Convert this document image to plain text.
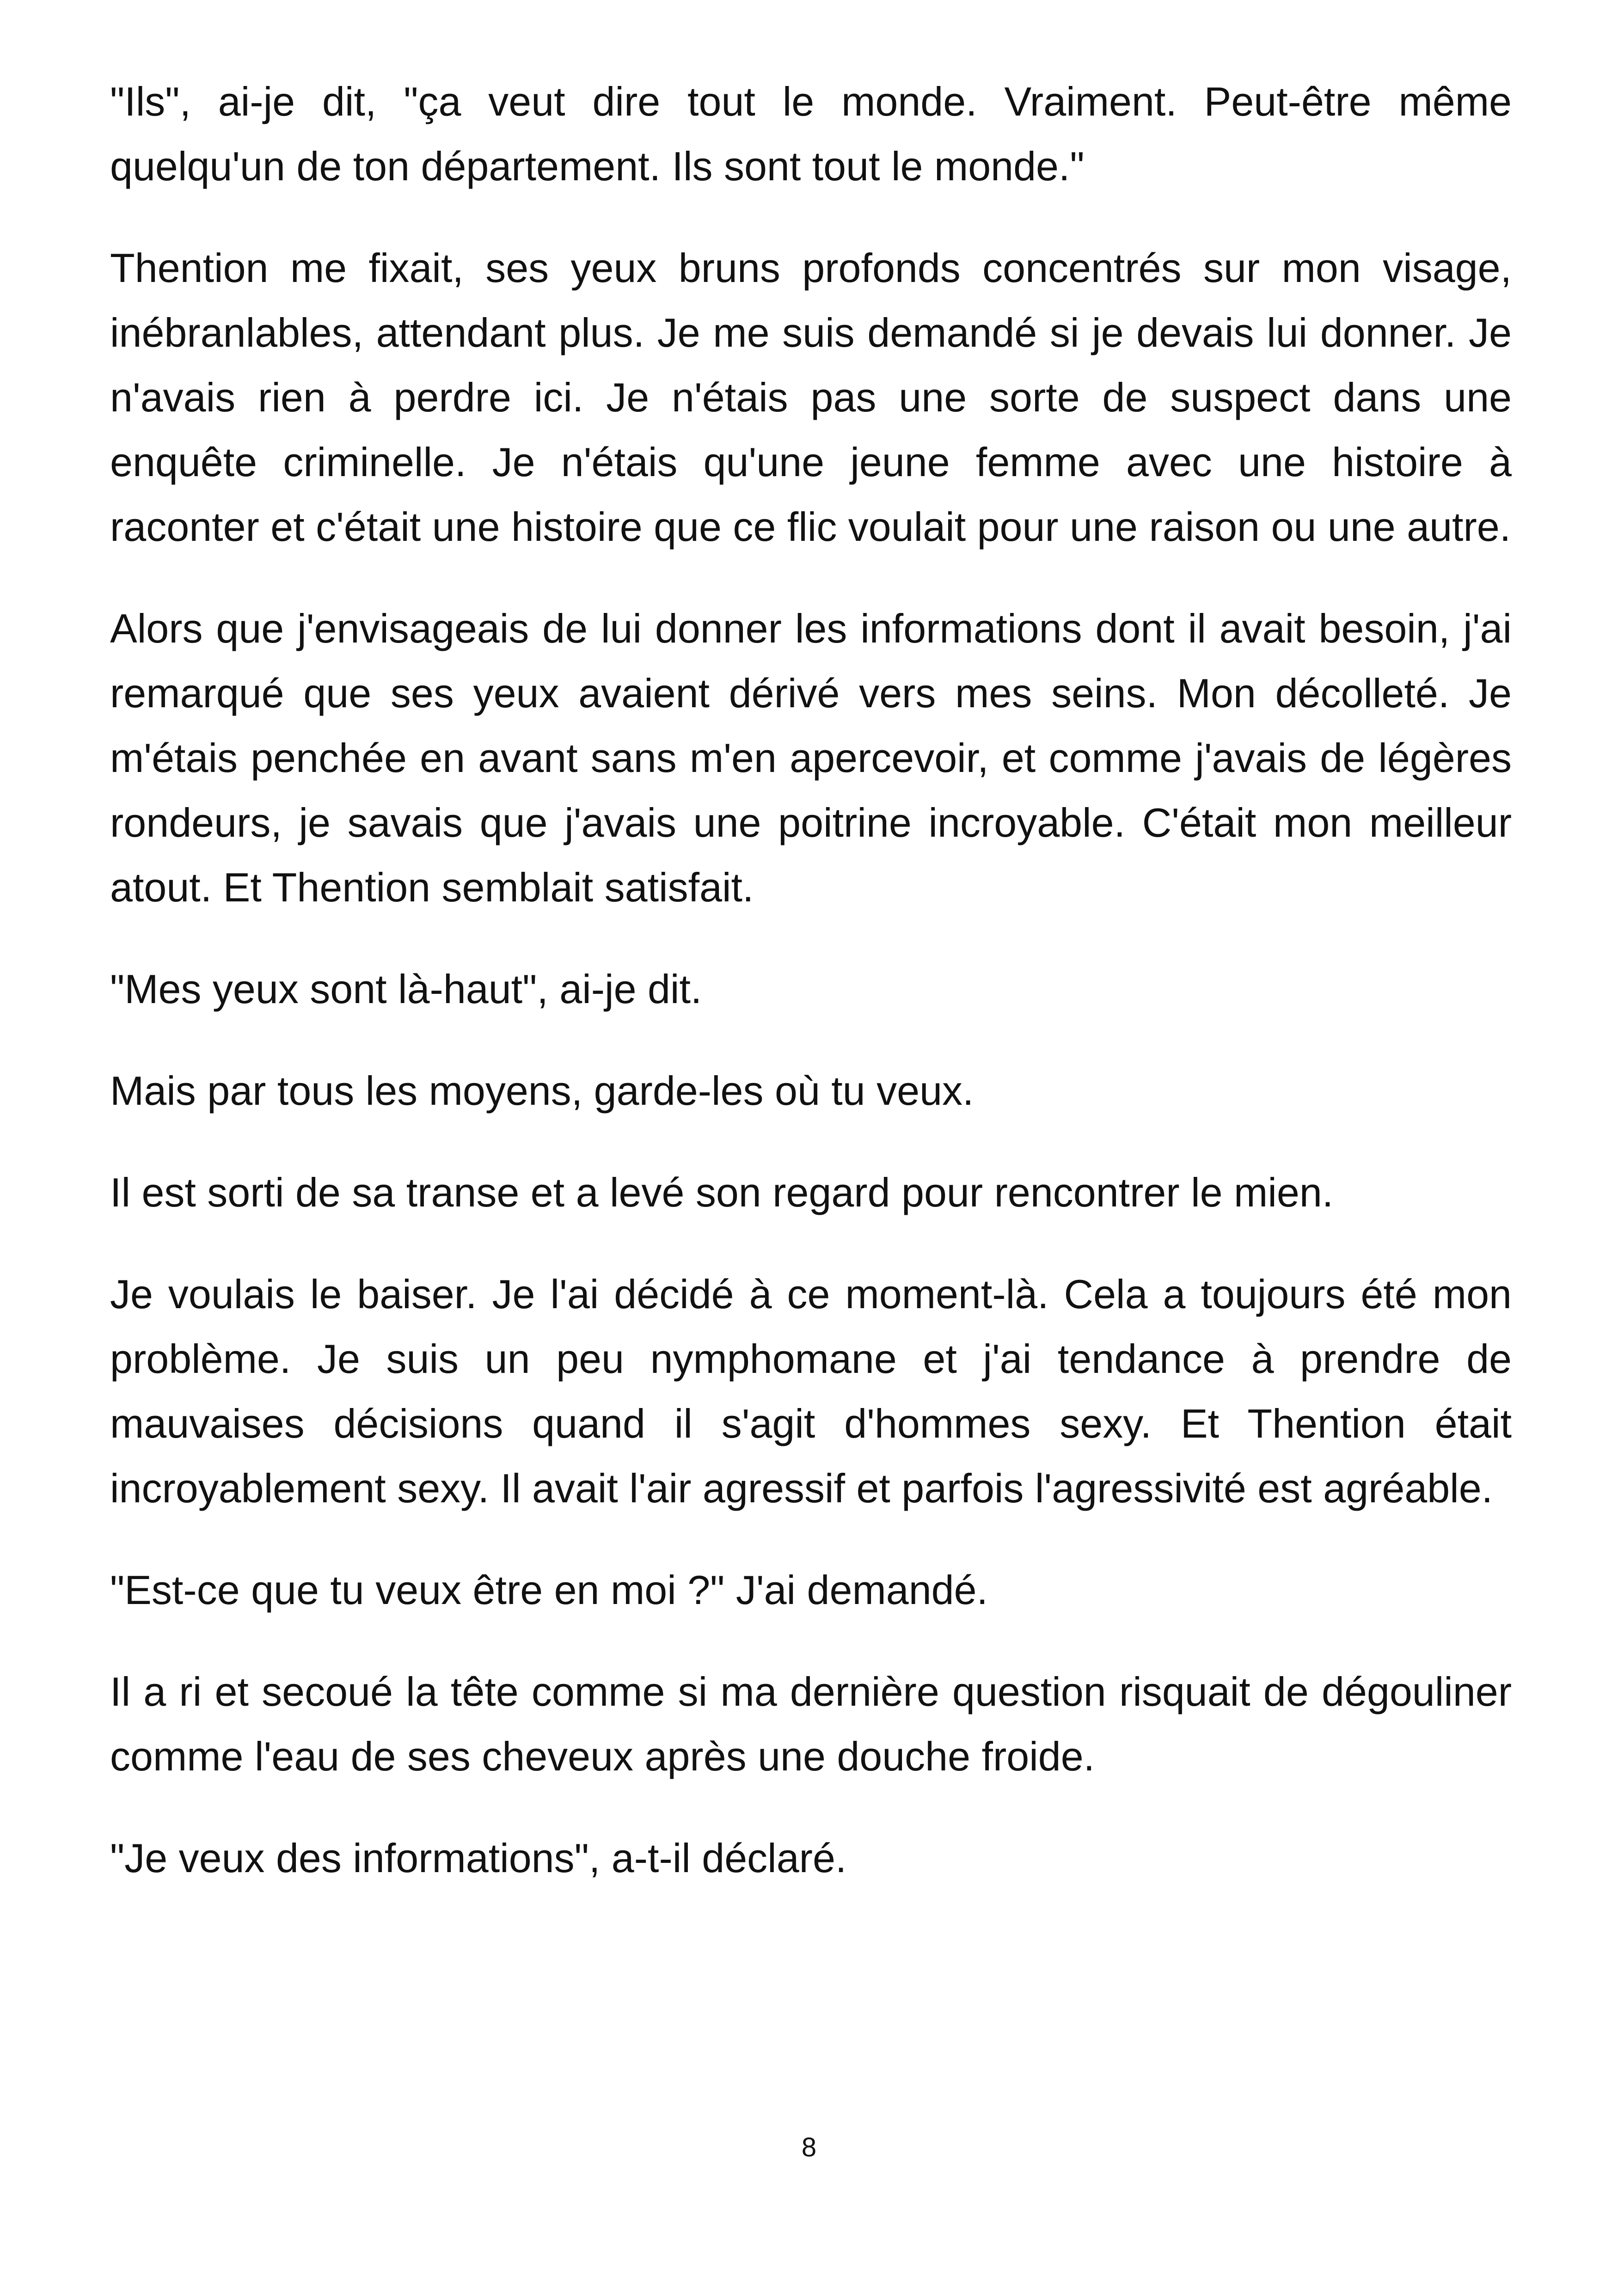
"Ils", ai-je dit, "ça veut dire tout le monde. Vraiment. Peut-être même quelqu'un de ton département. Ils sont tout le monde."

Thention me fixait, ses yeux bruns profonds concentrés sur mon visage, inébranlables, attendant plus. Je me suis demandé si je devais lui donner. Je n'avais rien à perdre ici. Je n'étais pas une sorte de suspect dans une enquête criminelle. Je n'étais qu'une jeune femme avec une histoire à raconter et c'était une histoire que ce flic voulait pour une raison ou une autre.

Alors que j'envisageais de lui donner les informations dont il avait besoin, j'ai remarqué que ses yeux avaient dérivé vers mes seins. Mon décolleté. Je m'étais penchée en avant sans m'en apercevoir, et comme j'avais de légères rondeurs, je savais que j'avais une poitrine incroyable. C'était mon meilleur atout. Et Thention semblait satisfait.

"Mes yeux sont là-haut", ai-je dit.

Mais par tous les moyens, garde-les où tu veux.

Il est sorti de sa transe et a levé son regard pour rencontrer le mien.

Je voulais le baiser. Je l'ai décidé à ce moment-là. Cela a toujours été mon problème. Je suis un peu nymphomane et j'ai tendance à prendre de mauvaises décisions quand il s'agit d'hommes sexy. Et Thention était incroyablement sexy. Il avait l'air agressif et parfois l'agressivité est agréable.

"Est-ce que tu veux être en moi ?" J'ai demandé.

Il a ri et secoué la tête comme si ma dernière question risquait de dégouliner comme l'eau de ses cheveux après une douche froide.

"Je veux des informations", a-t-il déclaré.

8
